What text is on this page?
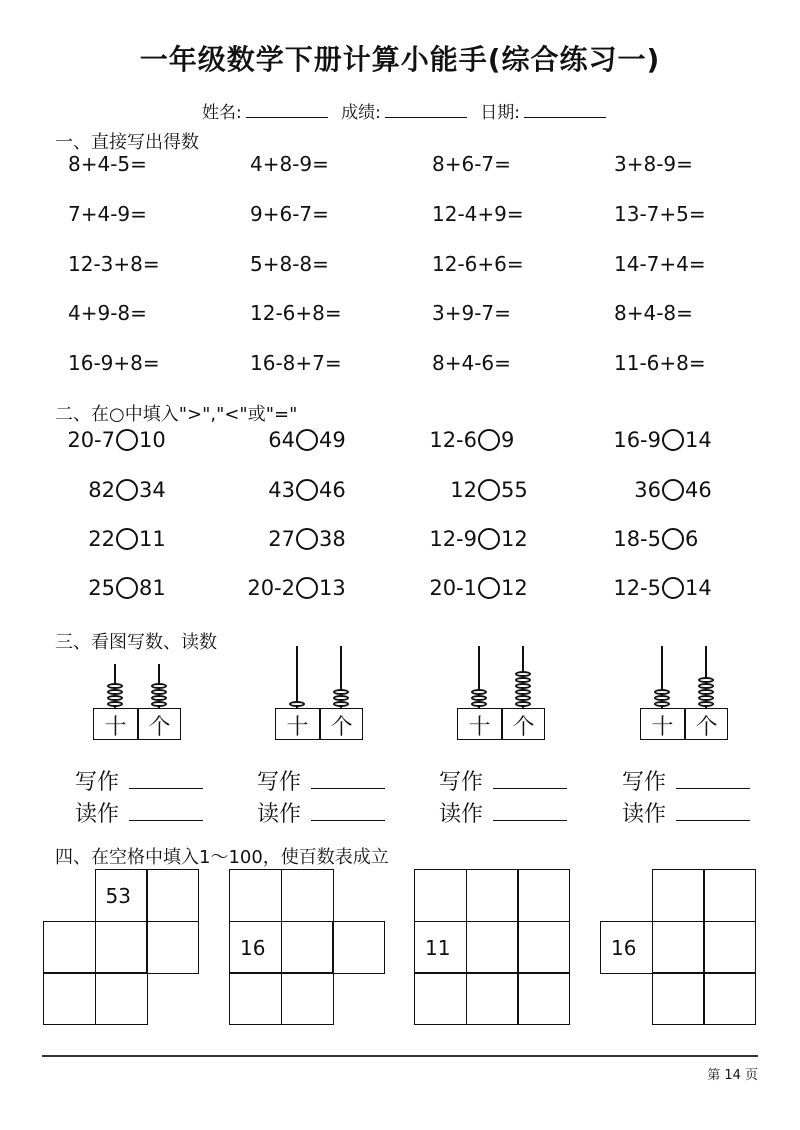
一年级数学下册计算小能手(综合练习一)
姓名:	成绩:	日期:
一、直接写出得数
8+4-5=	4+8-9=	8+6-7=	3+8-9=
7+4-9=	9+6-7=	12-4+9=	13-7+5=
12-3+8=	5+8-8=	12-6+6=	14-7+4=
4+9-8=	12-6+8=	3+9-7=	8+4-8=
16-9+8=	16-8+7=	8+4-6=	11-6+8=
二、在○中填入">","<"或"="
20-7 10	64 49	12-6 9	16-9 14
82 34	43 46	12 55	36 46
22 11	27 38	12-9 12	18-5 6
25 81	20-2 13	20-1 12	12-5 14
三、看图写数、读数
十 个
写作
读作
十 个
写作
读作
十 个
写作
读作
十 个
写作
读作
四、在空格中填入1～100，使百数表成立
53
16	11	16
第 14 页
